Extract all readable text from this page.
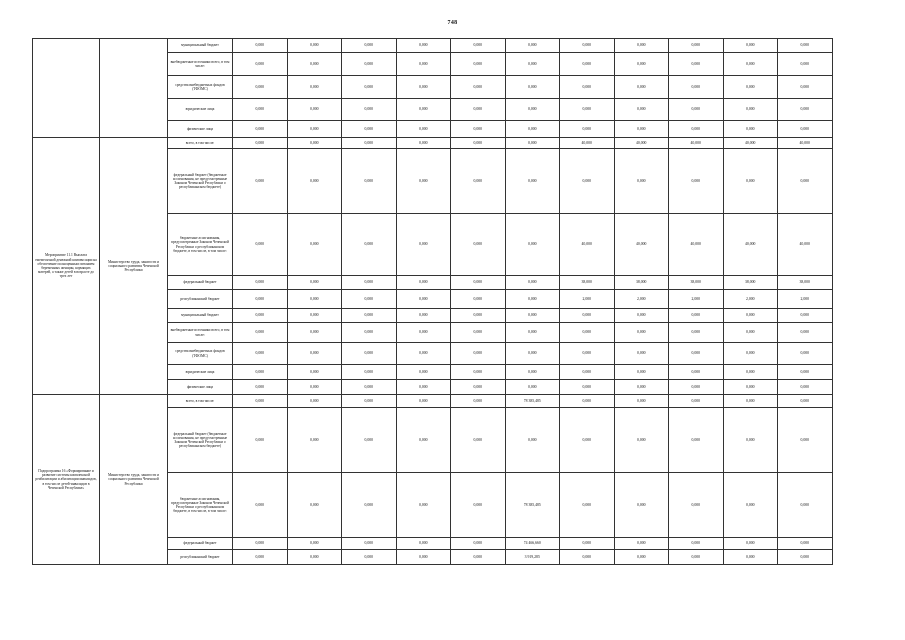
748
		муниципальный бюджет	0,000	0,000	0,000	0,000	0,000	0,000	0,000	0,000	0,000	0,000	0,000
		внебюджетные источники всего, в том числе:	0,000	0,000	0,000	0,000	0,000	0,000	0,000	0,000	0,000	0,000	0,000
		средства внебюджетных фондов (ТФОМС)	0,000	0,000	0,000	0,000	0,000	0,000	0,000	0,000	0,000	0,000	0,000
		юридические лица	0,000	0,000	0,000	0,000	0,000	0,000	0,000	0,000	0,000	0,000	0,000
		физические лица	0,000	0,000	0,000	0,000	0,000	0,000	0,000	0,000	0,000	0,000	0,000
Мероприятие 11.1 Выплата ежемесячной денежной компенсации на обеспечение полноценным питанием беременных женщин, кормящих матерей, а также детей в возрасте до трех лет	Министерство труда, занятости и социального развития Чеченской Республики	всего, в том числе:	0,000	0,000	0,000	0,000	0,000	0,000	40,000	40,000	40,000	40,000	40,000
		федеральный бюджет (бюджетные ассигнования, не предусмотренные Законом Чеченской Республики о республиканском бюджете)	0,000	0,000	0,000	0,000	0,000	0,000	0,000	0,000	0,000	0,000	0,000
		бюджетные ассигнования, предусмотренные Законом Чеченской Республики о республиканском бюджете, в том числе, в том числе:	0,000	0,000	0,000	0,000	0,000	0,000	40,000	40,000	40,000	40,000	40,000
		федеральный бюджет	0,000	0,000	0,000	0,000	0,000	0,000	38,000	38,000	38,000	38,000	38,000
		республиканский бюджет	0,000	0,000	0,000	0,000	0,000	0,000	2,000	2,000	2,000	2,000	2,000
		муниципальный бюджет	0,000	0,000	0,000	0,000	0,000	0,000	0,000	0,000	0,000	0,000	0,000
		внебюджетные источники всего, в том числе:	0,000	0,000	0,000	0,000	0,000	0,000	0,000	0,000	0,000	0,000	0,000
		средства внебюджетных фондов (ТФОМС)	0,000	0,000	0,000	0,000	0,000	0,000	0,000	0,000	0,000	0,000	0,000
		юридические лица	0,000	0,000	0,000	0,000	0,000	0,000	0,000	0,000	0,000	0,000	0,000
		физические лица	0,000	0,000	0,000	0,000	0,000	0,000	0,000	0,000	0,000	0,000	0,000
Подпрограмма 16 «Формирование и развитие системы комплексной реабилитации и абилитации инвалидов, в том числе детей-инвалидов в Чеченской Республике»	Министерство труда, занятости и социального развития Чеченской Республики	всего, в том числе:	0,000	0,000	0,000	0,000	0,000	78 385,485	0,000	0,000	0,000	0,000	0,000
		федеральный бюджет (бюджетные ассигнования, не предусмотренные Законом Чеченской Республики о республиканском бюджете)	0,000	0,000	0,000	0,000	0,000	0,000	0,000	0,000	0,000	0,000	0,000
		бюджетные ассигнования, предусмотренные Законом Чеченской Республики о республиканском бюджете, в том числе, в том числе:	0,000	0,000	0,000	0,000	0,000	78 385,485	0,000	0,000	0,000	0,000	0,000
		федеральный бюджет	0,000	0,000	0,000	0,000	0,000	74 466,660	0,000	0,000	0,000	0,000	0,000
		республиканский бюджет	0,000	0,000	0,000	0,000	0,000	3 919,285	0,000	0,000	0,000	0,000	0,000
